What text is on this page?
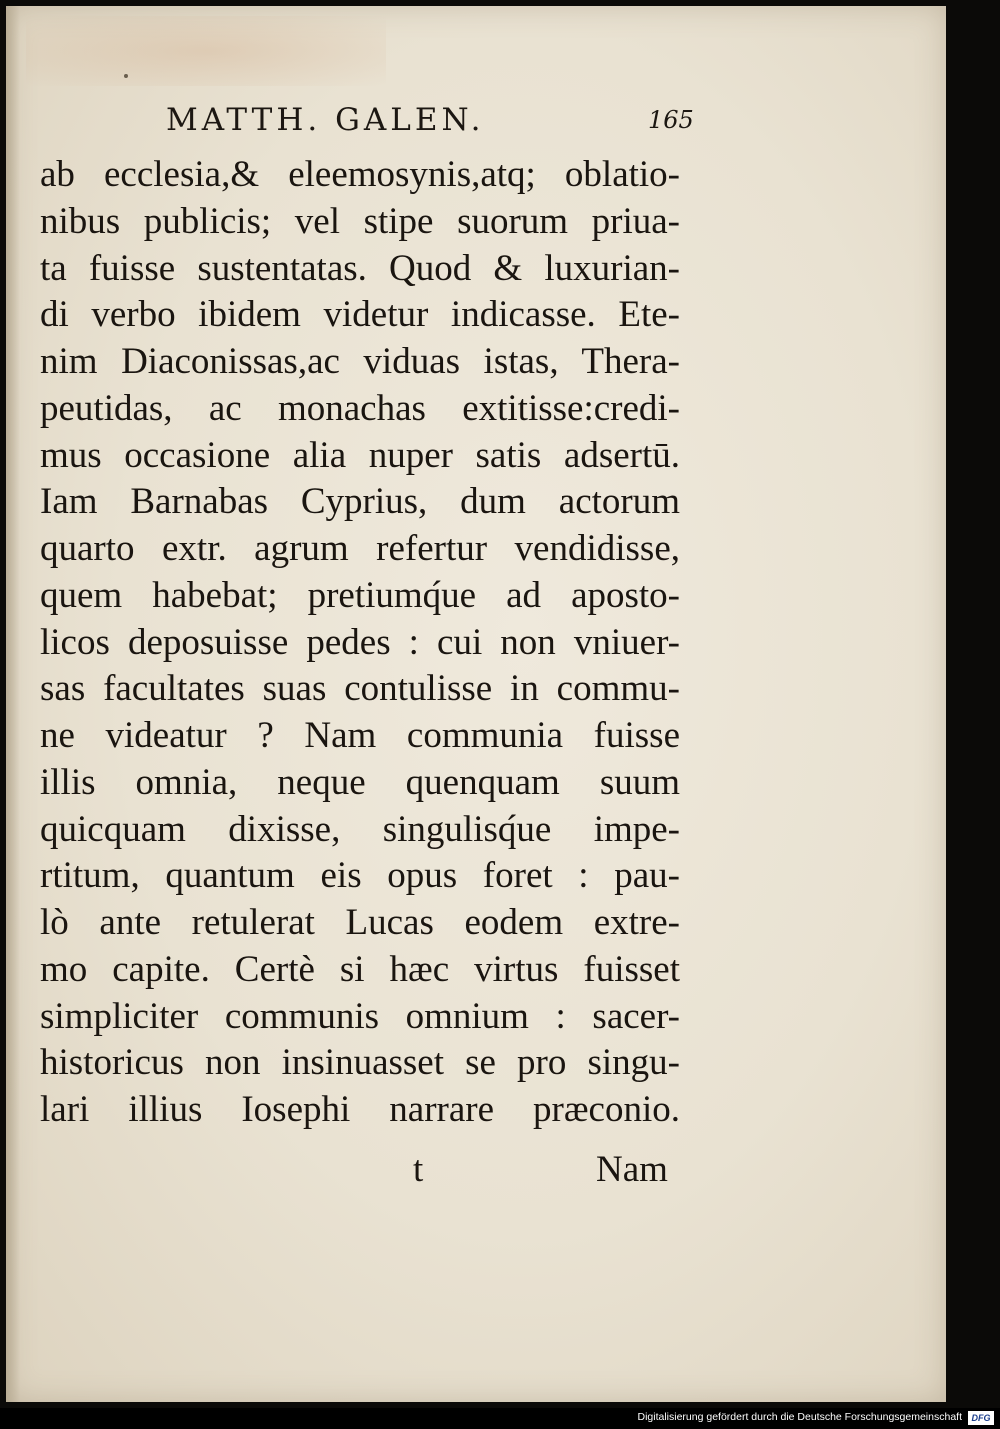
MATTH. GALEN.	165
ab ecclesia,& eleemosynis,atq; oblatio-
nibus publicis; vel stipe suorum priua-
ta fuisse sustentatas. Quod & luxurian-
di verbo ibidem videtur indicasse. Ete-
nim Diaconissas,ac viduas istas, Thera-
peutidas, ac monachas extitisse:credi-
mus occasione alia nuper satis adsertū.
Iam Barnabas Cyprius, dum actorum
quarto extr. agrum refertur vendidisse,
quem habebat; pretiumq́ue ad aposto-
licos deposuisse pedes : cui non vniuer-
sas facultates suas contulisse in commu-
ne videatur ? Nam communia fuisse
illis omnia, neque quenquam suum
quicquam dixisse, singulisq́ue impe-
rtitum, quantum eis opus foret : pau-
lò ante retulerat Lucas eodem extre-
mo capite. Certè si hæc virtus fuisset
simpliciter communis omnium : sacer-
historicus non insinuasset se pro singu-
lari illius Iosephi narrare præconio.
t	Nam
Digitalisierung gefördert durch die Deutsche Forschungsgemeinschaft	DFG
